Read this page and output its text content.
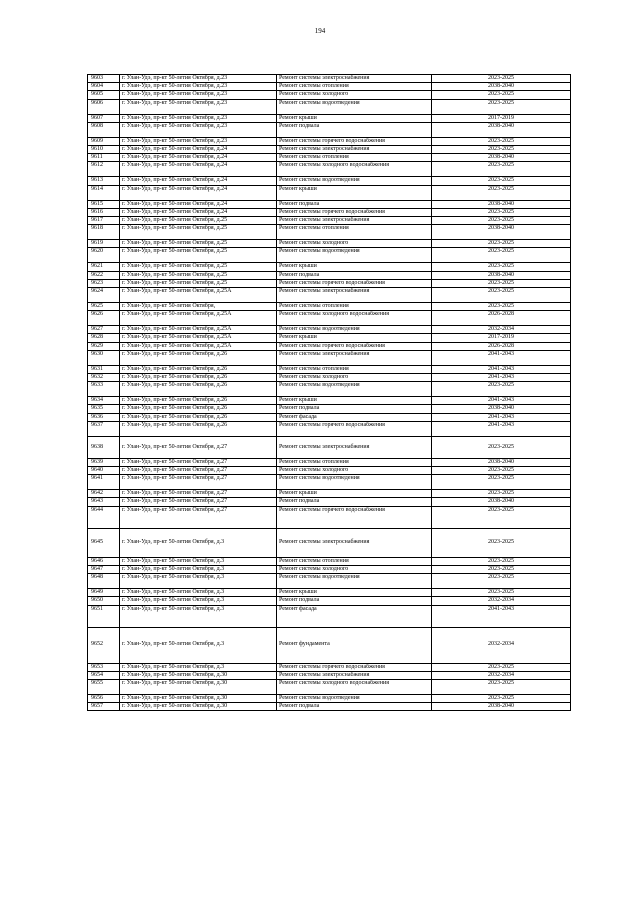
194
9603	г. Улан-Удэ, пр-кт 50-летия Октября, д.23	Ремонт системы электроснабжения	2023-2025
9604	г. Улан-Удэ, пр-кт 50-летия Октября, д.23	Ремонт системы отопления	2038-2040
9605	г. Улан-Удэ, пр-кт 50-летия Октября, д.23	Ремонт системы холодного	2023-2025
9606	г. Улан-Удэ, пр-кт 50-летия Октября, д.23	Ремонт системы водоотведения	2023-2025
9607	г. Улан-Удэ, пр-кт 50-летия Октября, д.23	Ремонт крыши	2017-2019
9608	г. Улан-Удэ, пр-кт 50-летия Октября, д.23	Ремонт подвала	2038-2040
9609	г. Улан-Удэ, пр-кт 50-летия Октября, д.23	Ремонт системы горячего водоснабжения	2023-2025
9610	г. Улан-Удэ, пр-кт 50-летия Октября, д.24	Ремонт системы электроснабжения	2023-2025
9611	г. Улан-Удэ, пр-кт 50-летия Октября, д.24	Ремонт системы отопления	2038-2040
9612	г. Улан-Удэ, пр-кт 50-летия Октября, д.24	Ремонт системы холодного водоснабжения	2023-2025
9613	г. Улан-Удэ, пр-кт 50-летия Октября, д.24	Ремонт системы водоотведения	2023-2025
9614	г. Улан-Удэ, пр-кт 50-летия Октября, д.24	Ремонт крыши	2023-2025
9615	г. Улан-Удэ, пр-кт 50-летия Октября, д.24	Ремонт подвала	2038-2040
9616	г. Улан-Удэ, пр-кт 50-летия Октября, д.24	Ремонт системы горячего водоснабжения	2023-2025
9617	г. Улан-Удэ, пр-кт 50-летия Октября, д.25	Ремонт системы электроснабжения	2023-2025
9618	г. Улан-Удэ, пр-кт 50-летия Октября, д.25	Ремонт системы отопления	2038-2040
9619	г. Улан-Удэ, пр-кт 50-летия Октября, д.25	Ремонт системы холодного	2023-2025
9620	г. Улан-Удэ, пр-кт 50-летия Октября, д.25	Ремонт системы водоотведения	2023-2025
9621	г. Улан-Удэ, пр-кт 50-летия Октября, д.25	Ремонт крыши	2023-2025
9622	г. Улан-Удэ, пр-кт 50-летия Октября, д.25	Ремонт подвала	2038-2040
9623	г. Улан-Удэ, пр-кт 50-летия Октября, д.25	Ремонт системы горячего водоснабжения	2023-2025
9624	г. Улан-Удэ, пр-кт 50-летия Октября, д.25А	Ремонт системы электроснабжения	2023-2025
9625	г. Улан-Удэ, пр-кт 50-летия Октября,	Ремонт системы отопления	2023-2025
9626	г. Улан-Удэ, пр-кт 50-летия Октября, д.25А	Ремонт системы холодного водоснабжения	2026-2028
9627	г. Улан-Удэ, пр-кт 50-летия Октября, д.25А	Ремонт системы водоотведения	2032-2034
9628	г. Улан-Удэ, пр-кт 50-летия Октября, д.25А	Ремонт крыши	2017-2019
9629	г. Улан-Удэ, пр-кт 50-летия Октября, д.25А	Ремонт системы горячего водоснабжения	2026-2028
9630	г. Улан-Удэ, пр-кт 50-летия Октября, д.26	Ремонт системы электроснабжения	2041-2043
9631	г. Улан-Удэ, пр-кт 50-летия Октября, д.26	Ремонт системы отопления	2041-2043
9632	г. Улан-Удэ, пр-кт 50-летия Октября, д.26	Ремонт системы холодного	2041-2043
9633	г. Улан-Удэ, пр-кт 50-летия Октября, д.26	Ремонт системы водоотведения	2023-2025
9634	г. Улан-Удэ, пр-кт 50-летия Октября, д.26	Ремонт крыши	2041-2043
9635	г. Улан-Удэ, пр-кт 50-летия Октября, д.26	Ремонт подвала	2038-2040
9636	г. Улан-Удэ, пр-кт 50-летия Октября, д.26	Ремонт фасада	2041-2043
9637	г. Улан-Удэ, пр-кт 50-летия Октября, д.26	Ремонт системы горячего водоснабжения	2041-2043
9638	г. Улан-Удэ, пр-кт 50-летия Октября, д.27	Ремонт системы электроснабжения	2023-2025
9639	г. Улан-Удэ, пр-кт 50-летия Октября, д.27	Ремонт системы отопления	2038-2040
9640	г. Улан-Удэ, пр-кт 50-летия Октября, д.27	Ремонт системы холодного	2023-2025
9641	г. Улан-Удэ, пр-кт 50-летия Октября, д.27	Ремонт системы водоотведения	2023-2025
9642	г. Улан-Удэ, пр-кт 50-летия Октября, д.27	Ремонт крыши	2023-2025
9643	г. Улан-Удэ, пр-кт 50-летия Октября, д.27	Ремонт подвала	2038-2040
9644	г. Улан-Удэ, пр-кт 50-летия Октября, д.27	Ремонт системы горячего водоснабжения	2023-2025
9645	г. Улан-Удэ, пр-кт 50-летия Октября, д.3	Ремонт системы электроснабжения	2023-2025
9646	г. Улан-Удэ, пр-кт 50-летия Октября, д.3	Ремонт системы отопления	2023-2025
9647	г. Улан-Удэ, пр-кт 50-летия Октября, д.3	Ремонт системы холодного	2023-2025
9648	г. Улан-Удэ, пр-кт 50-летия Октября, д.3	Ремонт системы водоотведения	2023-2025
9649	г. Улан-Удэ, пр-кт 50-летия Октября, д.3	Ремонт крыши	2023-2025
9650	г. Улан-Удэ, пр-кт 50-летия Октября, д.3	Ремонт подвала	2032-2034
9651	г. Улан-Удэ, пр-кт 50-летия Октября, д.3	Ремонт фасада	2041-2043
9652	г. Улан-Удэ, пр-кт 50-летия Октября, д.3	Ремонт фундамента	2032-2034
9653	г. Улан-Удэ, пр-кт 50-летия Октября, д.3	Ремонт системы горячего водоснабжения	2023-2025
9654	г. Улан-Удэ, пр-кт 50-летия Октября, д.30	Ремонт системы электроснабжения	2032-2034
9655	г. Улан-Удэ, пр-кт 50-летия Октября, д.30	Ремонт системы холодного водоснабжения	2023-2025
9656	г. Улан-Удэ, пр-кт 50-летия Октября, д.30	Ремонт системы водоотведения	2023-2025
9657	г. Улан-Удэ, пр-кт 50-летия Октября, д.30	Ремонт подвала	2038-2040
